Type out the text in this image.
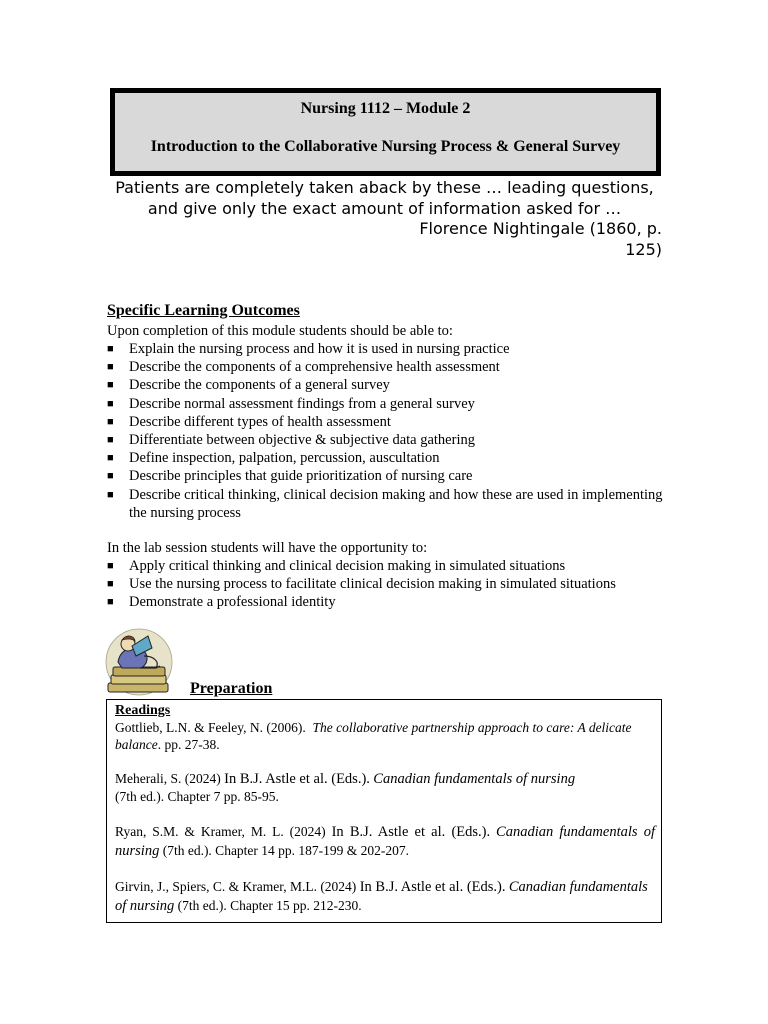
Nursing 1112 – Module 2
Introduction to the Collaborative Nursing Process & General Survey
Patients are completely taken aback by these … leading questions, and give only the exact amount of information asked for …
Florence Nightingale (1860, p.
125)
Specific Learning Outcomes
Upon completion of this module students should be able to:
■ Explain the nursing process and how it is used in nursing practice
■ Describe the components of a comprehensive health assessment
■ Describe the components of a general survey
■ Describe normal assessment findings from a general survey
■ Describe different types of health assessment
■ Differentiate between objective & subjective data gathering
■ Define inspection, palpation, percussion, auscultation
■ Describe principles that guide prioritization of nursing care
■ Describe critical thinking, clinical decision making and how these are used in implementing the nursing process
In the lab session students will have the opportunity to:
■ Apply critical thinking and clinical decision making in simulated situations
■ Use the nursing process to facilitate clinical decision making in simulated situations
■ Demonstrate a professional identity
Preparation
Readings
Gottlieb, L.N. & Feeley, N. (2006). The collaborative partnership approach to care: A delicate balance. pp. 27-38.
Meherali, S. (2024) In B.J. Astle et al. (Eds.). Canadian fundamentals of nursing
(7th ed.). Chapter 7 pp. 85-95.
Ryan, S.M. & Kramer, M. L. (2024) In B.J. Astle et al. (Eds.). Canadian fundamentals of nursing (7th ed.). Chapter 14 pp. 187-199 & 202-207.
Girvin, J., Spiers, C. & Kramer, M.L. (2024) In B.J. Astle et al. (Eds.). Canadian fundamentals of nursing (7th ed.). Chapter 15 pp. 212-230.
